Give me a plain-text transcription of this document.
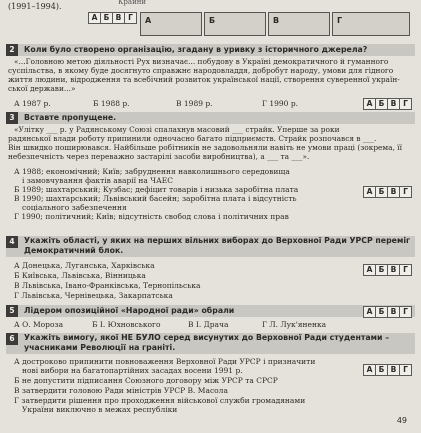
(1991–1994).	Крайни
А Б В Г	А	Б	В	Г
2	Коли було створено організацію, згадану в уривку з історичного джерела?
«...Головною метою діяльності Рух визначає... побудову в Україні демократичного й гуманного
суспільства, в якому буде досягнуто справжнє народовладдя, добробут народу, умови для гідного
життя людини, відродження та всебічний розвиток української нації, створення суверенної україн-
ської держави...»
А 1987 р.	Б 1988 р.	В 1989 р.	Г 1990 р.	А Б В Г
3	Вставте пропущене.
«Улітку ___ р. у Радянському Союзі спалахнув масовий ___ страйк. Уперше за роки
радянської влади роботу припинили одночасно багато підприємств. Страйк розпочався в ___.
Він швидко поширювався. Найбільше робітників не задовольняли навіть не умови праці (зокрема, її
небезпечність через переважно застарілі засоби виробництва), а ___ та ___».
А 1988; економічний; Київ; забруднення навколишнього середовища
і замовчування фактів аварії на ЧАЕС
Б 1989; шахтарський; Кузбас; дефіцит товарів і низька заробітна плата
В 1990; шахтарський; Львівський басейн; заробітна плата і відсутність
соціального забезпечення
Г 1990; політичний; Київ; відсутність свобод слова і політичних прав
А Б В Г
4	Укажіть області, у яких на перших вільних виборах до Верховної Ради УРСР переміг Демократичний блок.
А Донецька, Луганська, Харківська
Б Київська, Львівська, Вінницька
В Львівська, Івано-Франківська, Тернопільська
Г Львівська, Чернівецька, Закарпатська
А Б В Г
5	Лідером опозиційної «Народної ради» обрали	А Б В Г
А О. Мороза	Б І. Юхновського	В І. Драча	Г Л. Лук'яненка
6	Укажіть вимогу, якої НЕ БУЛО серед висунутих до Верховної Ради студентами – учасниками Революції на граніті.
А достроково припинити повноваження Верховної Ради УРСР і призначити
нові вибори на багатопартійних засадах восени 1991 р.
Б не допустити підписання Союзного договору між УРСР та СРСР
В затвердити головою Ради міністрів УРСР В. Масола
Г затвердити рішення про проходження військової служби громадянами
України виключно в межах республіки
А Б В Г
49
